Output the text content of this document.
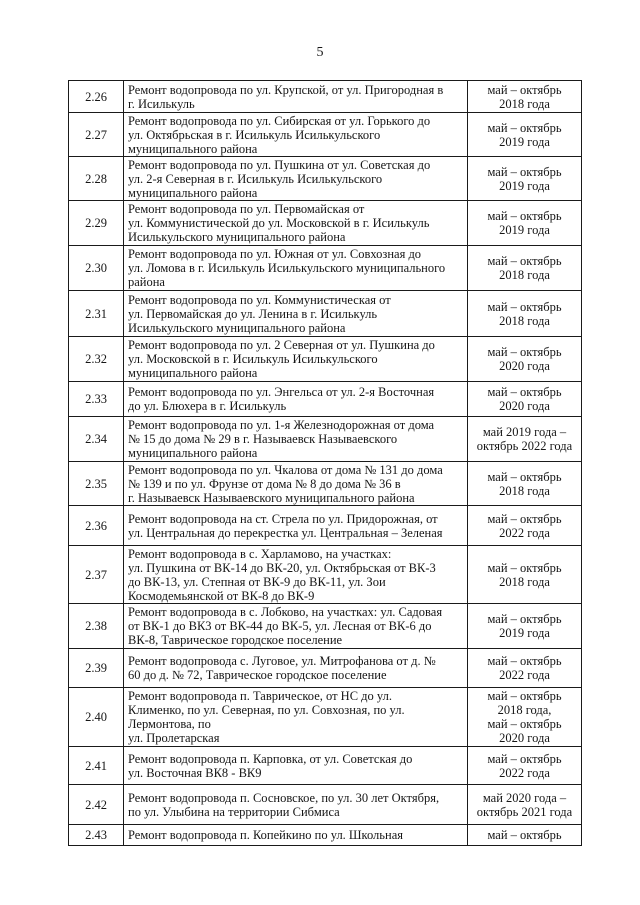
5
2.26	Ремонт водопровода по ул. Крупской, от ул. Пригородная в
г. Исилькуль	май – октябрь
2018 года
2.27	Ремонт водопровода по ул. Сибирская от ул. Горького до
ул. Октябрьская в г. Исилькуль Исилькульского
муниципального района	май – октябрь
2019 года
2.28	Ремонт водопровода по ул. Пушкина от ул. Советская до
ул. 2-я Северная в г. Исилькуль Исилькульского
муниципального района	май – октябрь
2019 года
2.29	Ремонт водопровода по ул. Первомайская от
ул. Коммунистической до ул. Московской в г. Исилькуль
Исилькульского муниципального района	май – октябрь
2019 года
2.30	Ремонт водопровода по ул. Южная от ул. Совхозная до
ул. Ломова в г. Исилькуль Исилькульского муниципального
района	май – октябрь
2018 года
2.31	Ремонт водопровода по ул. Коммунистическая от
ул. Первомайская до ул. Ленина в г. Исилькуль
Исилькульского муниципального района	май – октябрь
2018 года
2.32	Ремонт водопровода по ул. 2 Северная от ул. Пушкина до
ул. Московской в г. Исилькуль Исилькульского
муниципального района	май – октябрь
2020 года
2.33	Ремонт водопровода по ул. Энгельса от ул. 2-я Восточная
до ул. Блюхера в г. Исилькуль	май – октябрь
2020 года
2.34	Ремонт водопровода по ул. 1-я Железнодорожная от дома
№ 15 до дома № 29 в г. Называевск Называевского
муниципального района	май 2019 года –
октябрь 2022 года
2.35	Ремонт водопровода по ул. Чкалова от дома № 131 до дома
№ 139 и по ул. Фрунзе от дома № 8 до дома № 36 в
г. Называевск Называевского муниципального района	май – октябрь
2018 года
2.36	Ремонт водопровода на ст. Стрела по ул. Придорожная, от
ул. Центральная до перекрестка ул. Центральная – Зеленая	май – октябрь
2022 года
2.37	Ремонт водопровода в с. Харламово, на участках:
ул. Пушкина от ВК-14 до ВК-20, ул. Октябрьская от ВК-3
до ВК-13, ул. Степная от ВК-9 до ВК-11, ул. Зои
Космодемьянской от ВК-8 до ВК-9	май – октябрь
2018 года
2.38	Ремонт водопровода в с. Лобково, на участках: ул. Садовая
от ВК-1 до ВК3 от ВК-44 до ВК-5, ул. Лесная от ВК-6 до
ВК-8, Таврическое городское поселение	май – октябрь
2019 года
2.39	Ремонт водопровода с. Луговое, ул. Митрофанова от д. №
60 до д. № 72, Таврическое городское поселение	май – октябрь
2022 года
2.40	Ремонт водопровода п. Таврическое, от НС до ул.
Клименко, по ул. Северная, по ул. Совхозная, по ул.
Лермонтова, по
ул. Пролетарская	май – октябрь
2018 года,
май – октябрь
2020 года
2.41	Ремонт водопровода п. Карповка, от ул. Советская до
ул. Восточная ВК8 - ВК9	май – октябрь
2022 года
2.42	Ремонт водопровода п. Сосновское, по ул. 30 лет Октября,
по ул. Улыбина на территории Сибмиса	май 2020 года –
октябрь 2021 года
2.43	Ремонт водопровода п. Копейкино по ул. Школьная	май – октябрь
